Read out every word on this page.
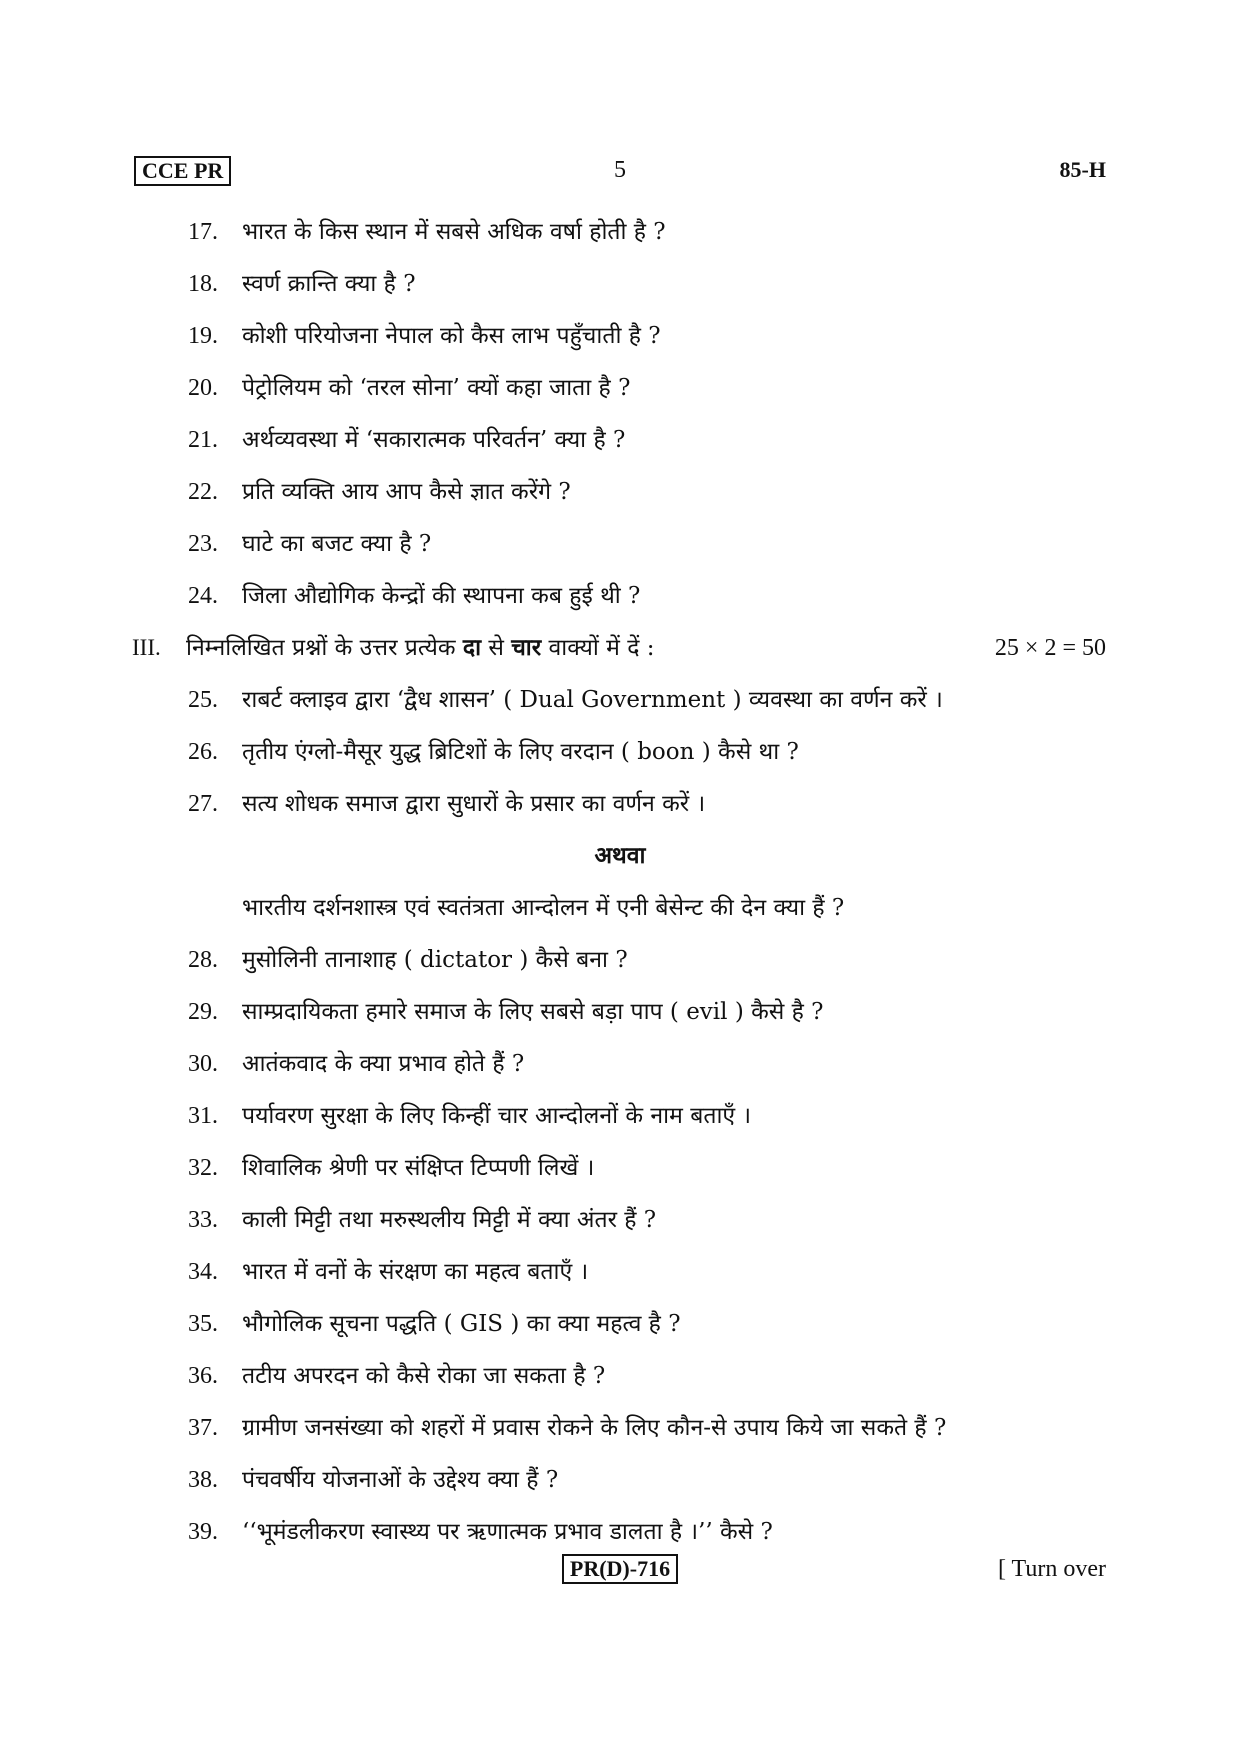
CCE PR	5	85-H
17.	भारत के किस स्थान में सबसे अधिक वर्षा होती है ?
18.	स्वर्ण क्रान्ति क्या है ?
19.	कोशी परियोजना नेपाल को कैस लाभ पहुँचाती है ?
20.	पेट्रोलियम को ‘तरल सोना’ क्यों कहा जाता है ?
21.	अर्थव्यवस्था में ‘सकारात्मक परिवर्तन’ क्या है ?
22.	प्रति व्यक्ति आय आप कैसे ज्ञात करेंगे ?
23.	घाटे का बजट क्या है ?
24.	जिला औद्योगिक केन्द्रों की स्थापना कब हुई थी ?
III. निम्नलिखित प्रश्नों के उत्तर प्रत्येक दा से चार वाक्यों में दें :	25 × 2 = 50
25.	राबर्ट क्लाइव द्वारा ‘द्वैध शासन’ ( Dual Government ) व्यवस्था का वर्णन करें ।
26.	तृतीय एंग्लो-मैसूर युद्ध ब्रिटिशों के लिए वरदान ( boon ) कैसे था ?
27.	सत्य शोधक समाज द्वारा सुधारों के प्रसार का वर्णन करें ।
अथवा
भारतीय दर्शनशास्त्र एवं स्वतंत्रता आन्दोलन में एनी बेसेन्ट की देन क्या हैं ?
28.	मुसोलिनी तानाशाह ( dictator ) कैसे बना ?
29.	साम्प्रदायिकता हमारे समाज के लिए सबसे बड़ा पाप ( evil ) कैसे है ?
30.	आतंकवाद के क्या प्रभाव होते हैं ?
31.	पर्यावरण सुरक्षा के लिए किन्हीं चार आन्दोलनों के नाम बताएँ ।
32.	शिवालिक श्रेणी पर संक्षिप्त टिप्पणी लिखें ।
33.	काली मिट्टी तथा मरुस्थलीय मिट्टी में क्या अंतर हैं ?
34.	भारत में वनों के संरक्षण का महत्व बताएँ ।
35.	भौगोलिक सूचना पद्धति ( GIS ) का क्या महत्व है ?
36.	तटीय अपरदन को कैसे रोका जा सकता है ?
37.	ग्रामीण जनसंख्या को शहरों में प्रवास रोकने के लिए कौन-से उपाय किये जा सकते हैं ?
38.	पंचवर्षीय योजनाओं के उद्देश्य क्या हैं ?
39.	‘‘भूमंडलीकरण स्वास्थ्य पर ऋणात्मक प्रभाव डालता है ।’’ कैसे ?
PR(D)-716	[ Turn over
